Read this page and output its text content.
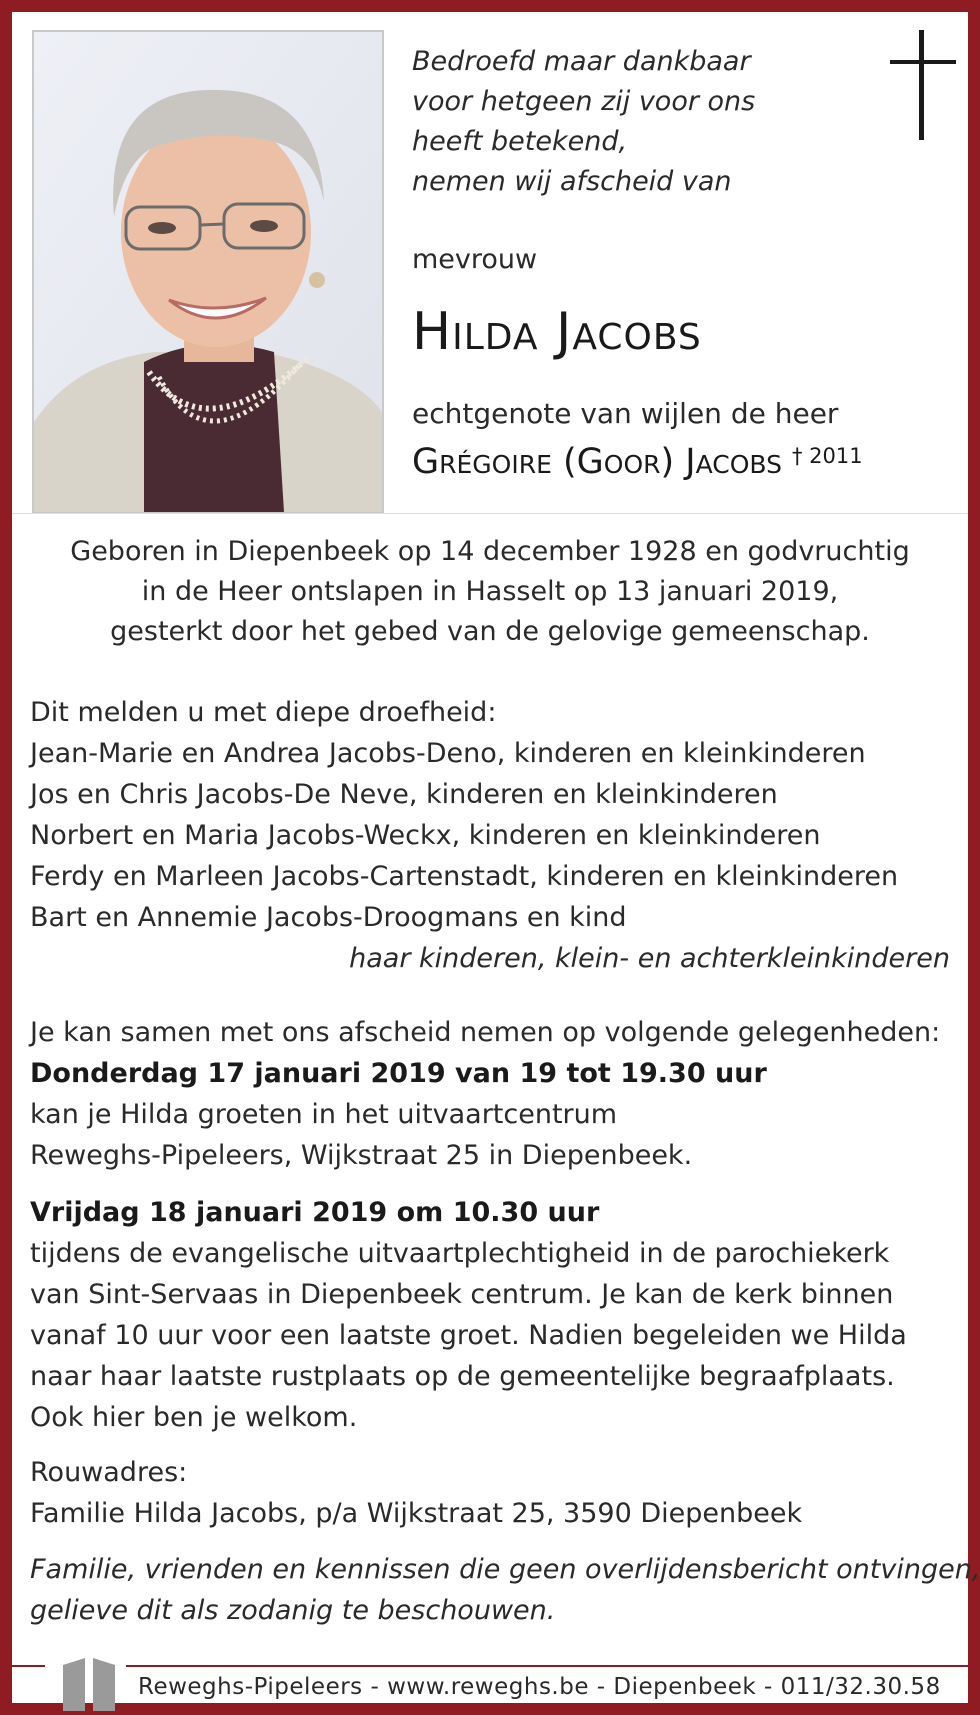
Bedroefd maar dankbaar
voor hetgeen zij voor ons
heeft betekend,
nemen wij afscheid van
mevrouw
Hilda Jacobs
echtgenote van wijlen de heer
Grégoire (Goor) Jacobs $^{\dagger 2011}$
Geboren in Diepenbeek op 14 december 1928 en godvruchtig
in de Heer ontslapen in Hasselt op 13 januari 2019,
gesterkt door het gebed van de gelovige gemeenschap.
Dit melden u met diepe droefheid:
Jean-Marie en Andrea Jacobs-Deno, kinderen en kleinkinderen
Jos en Chris Jacobs-De Neve, kinderen en kleinkinderen
Norbert en Maria Jacobs-Weckx, kinderen en kleinkinderen
Ferdy en Marleen Jacobs-Cartenstadt, kinderen en kleinkinderen
Bart en Annemie Jacobs-Droogmans en kind
haar kinderen, klein- en achterkleinkinderen
Je kan samen met ons afscheid nemen op volgende gelegenheden:
Donderdag 17 januari 2019 van 19 tot 19.30 uur
kan je Hilda groeten in het uitvaartcentrum
Reweghs-Pipeleers, Wijkstraat 25 in Diepenbeek.
Vrijdag 18 januari 2019 om 10.30 uur
tijdens de evangelische uitvaartplechtigheid in de parochiekerk
van Sint-Servaas in Diepenbeek centrum. Je kan de kerk binnen
vanaf 10 uur voor een laatste groet. Nadien begeleiden we Hilda
naar haar laatste rustplaats op de gemeentelijke begraafplaats.
Ook hier ben je welkom.
Rouwadres:
Familie Hilda Jacobs, p/a Wijkstraat 25, 3590 Diepenbeek
Familie, vrienden en kennissen die geen overlijdensbericht ontvingen,
gelieve dit als zodanig te beschouwen.
Reweghs-Pipeleers - www.reweghs.be - Diepenbeek - 011/32.30.58
